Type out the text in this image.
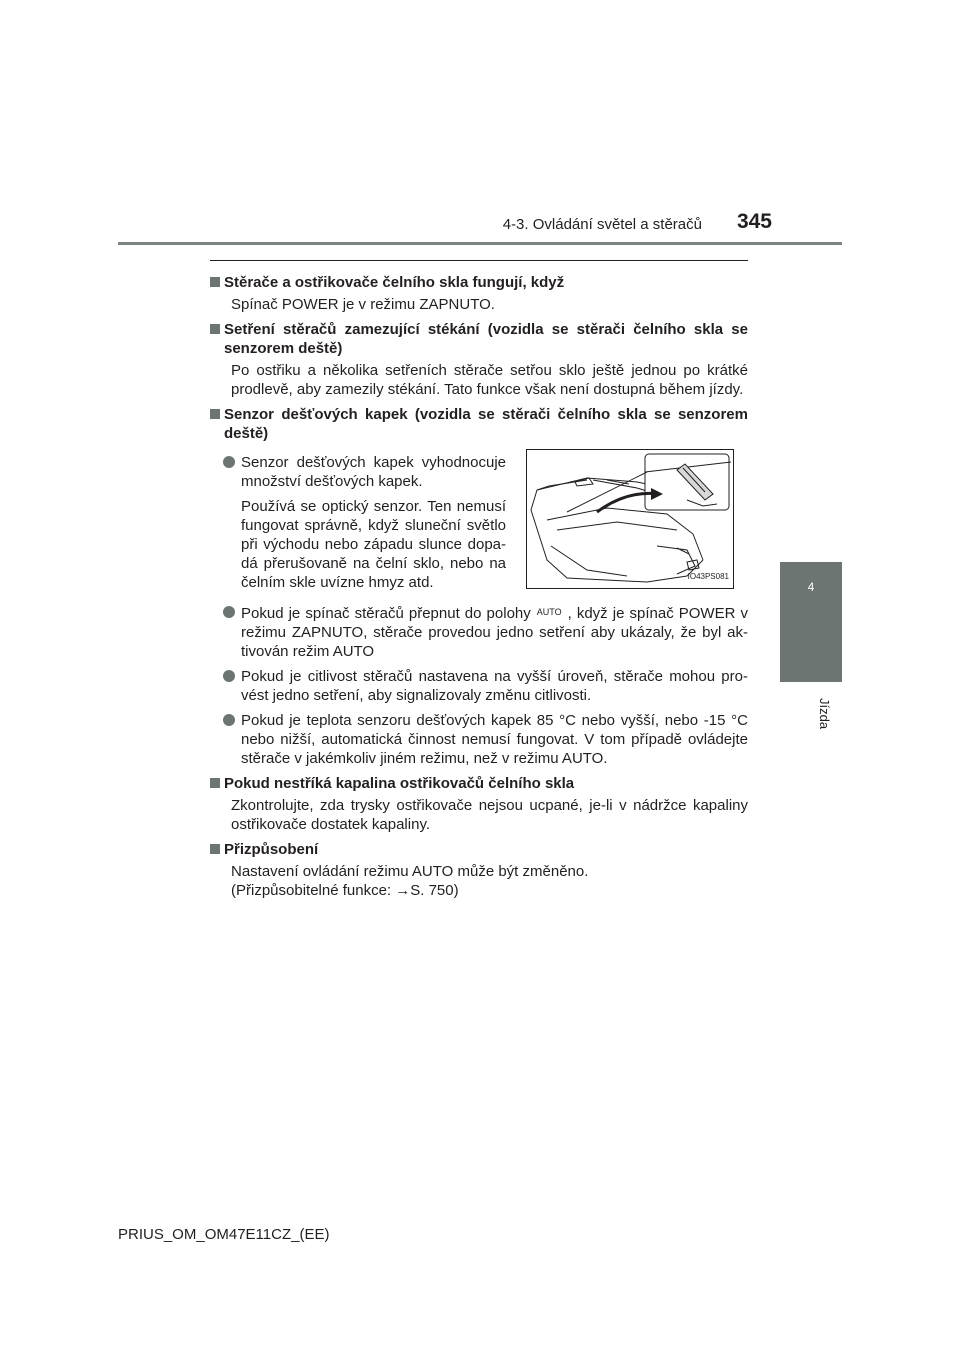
4-3. Ovládání světel a stěračů 345
4
Jízda
Stěrače a ostřikovače čelního skla fungují, když
Spínač POWER je v režimu ZAPNUTO.
Setření stěračů zamezující stékání (vozidla se stěrači čelního skla se senzorem deště)
Po ostřiku a několika setřeních stěrače setřou sklo ještě jednou po krátké prodlevě, aby zamezily stékání. Tato funkce však není dostupná během jízdy.
Senzor dešťových kapek (vozidla se stěrači čelního skla se senzorem deště)
Senzor dešťových kapek vyhodnocuje množství dešťových kapek.
Používá se optický senzor. Ten nemusí fungovat správně, když sluneční světlo při východu nebo západu slunce dopa-dá přerušovaně na čelní sklo, nebo na čelním skle uvízne hmyz atd.	IO43PS081
Pokud je spínač stěračů přepnut do polohy AUTO , když je spínač POWER v režimu ZAPNUTO, stěrače provedou jedno setření aby ukázaly, že byl ak-tivován režim AUTO
Pokud je citlivost stěračů nastavena na vyšší úroveň, stěrače mohou pro-vést jedno setření, aby signalizovaly změnu citlivosti.
Pokud je teplota senzoru dešťových kapek 85 °C nebo vyšší, nebo -15 °C nebo nižší, automatická činnost nemusí fungovat. V tom případě ovládejte stěrače v jakémkoliv jiném režimu, než v režimu AUTO.
Pokud nestříká kapalina ostřikovačů čelního skla
Zkontrolujte, zda trysky ostřikovače nejsou ucpané, je-li v nádržce kapaliny ostřikovače dostatek kapaliny.
Přizpůsobení
Nastavení ovládání režimu AUTO může být změněno.
(Přizpůsobitelné funkce: →S. 750)
PRIUS_OM_OM47E11CZ_(EE)
